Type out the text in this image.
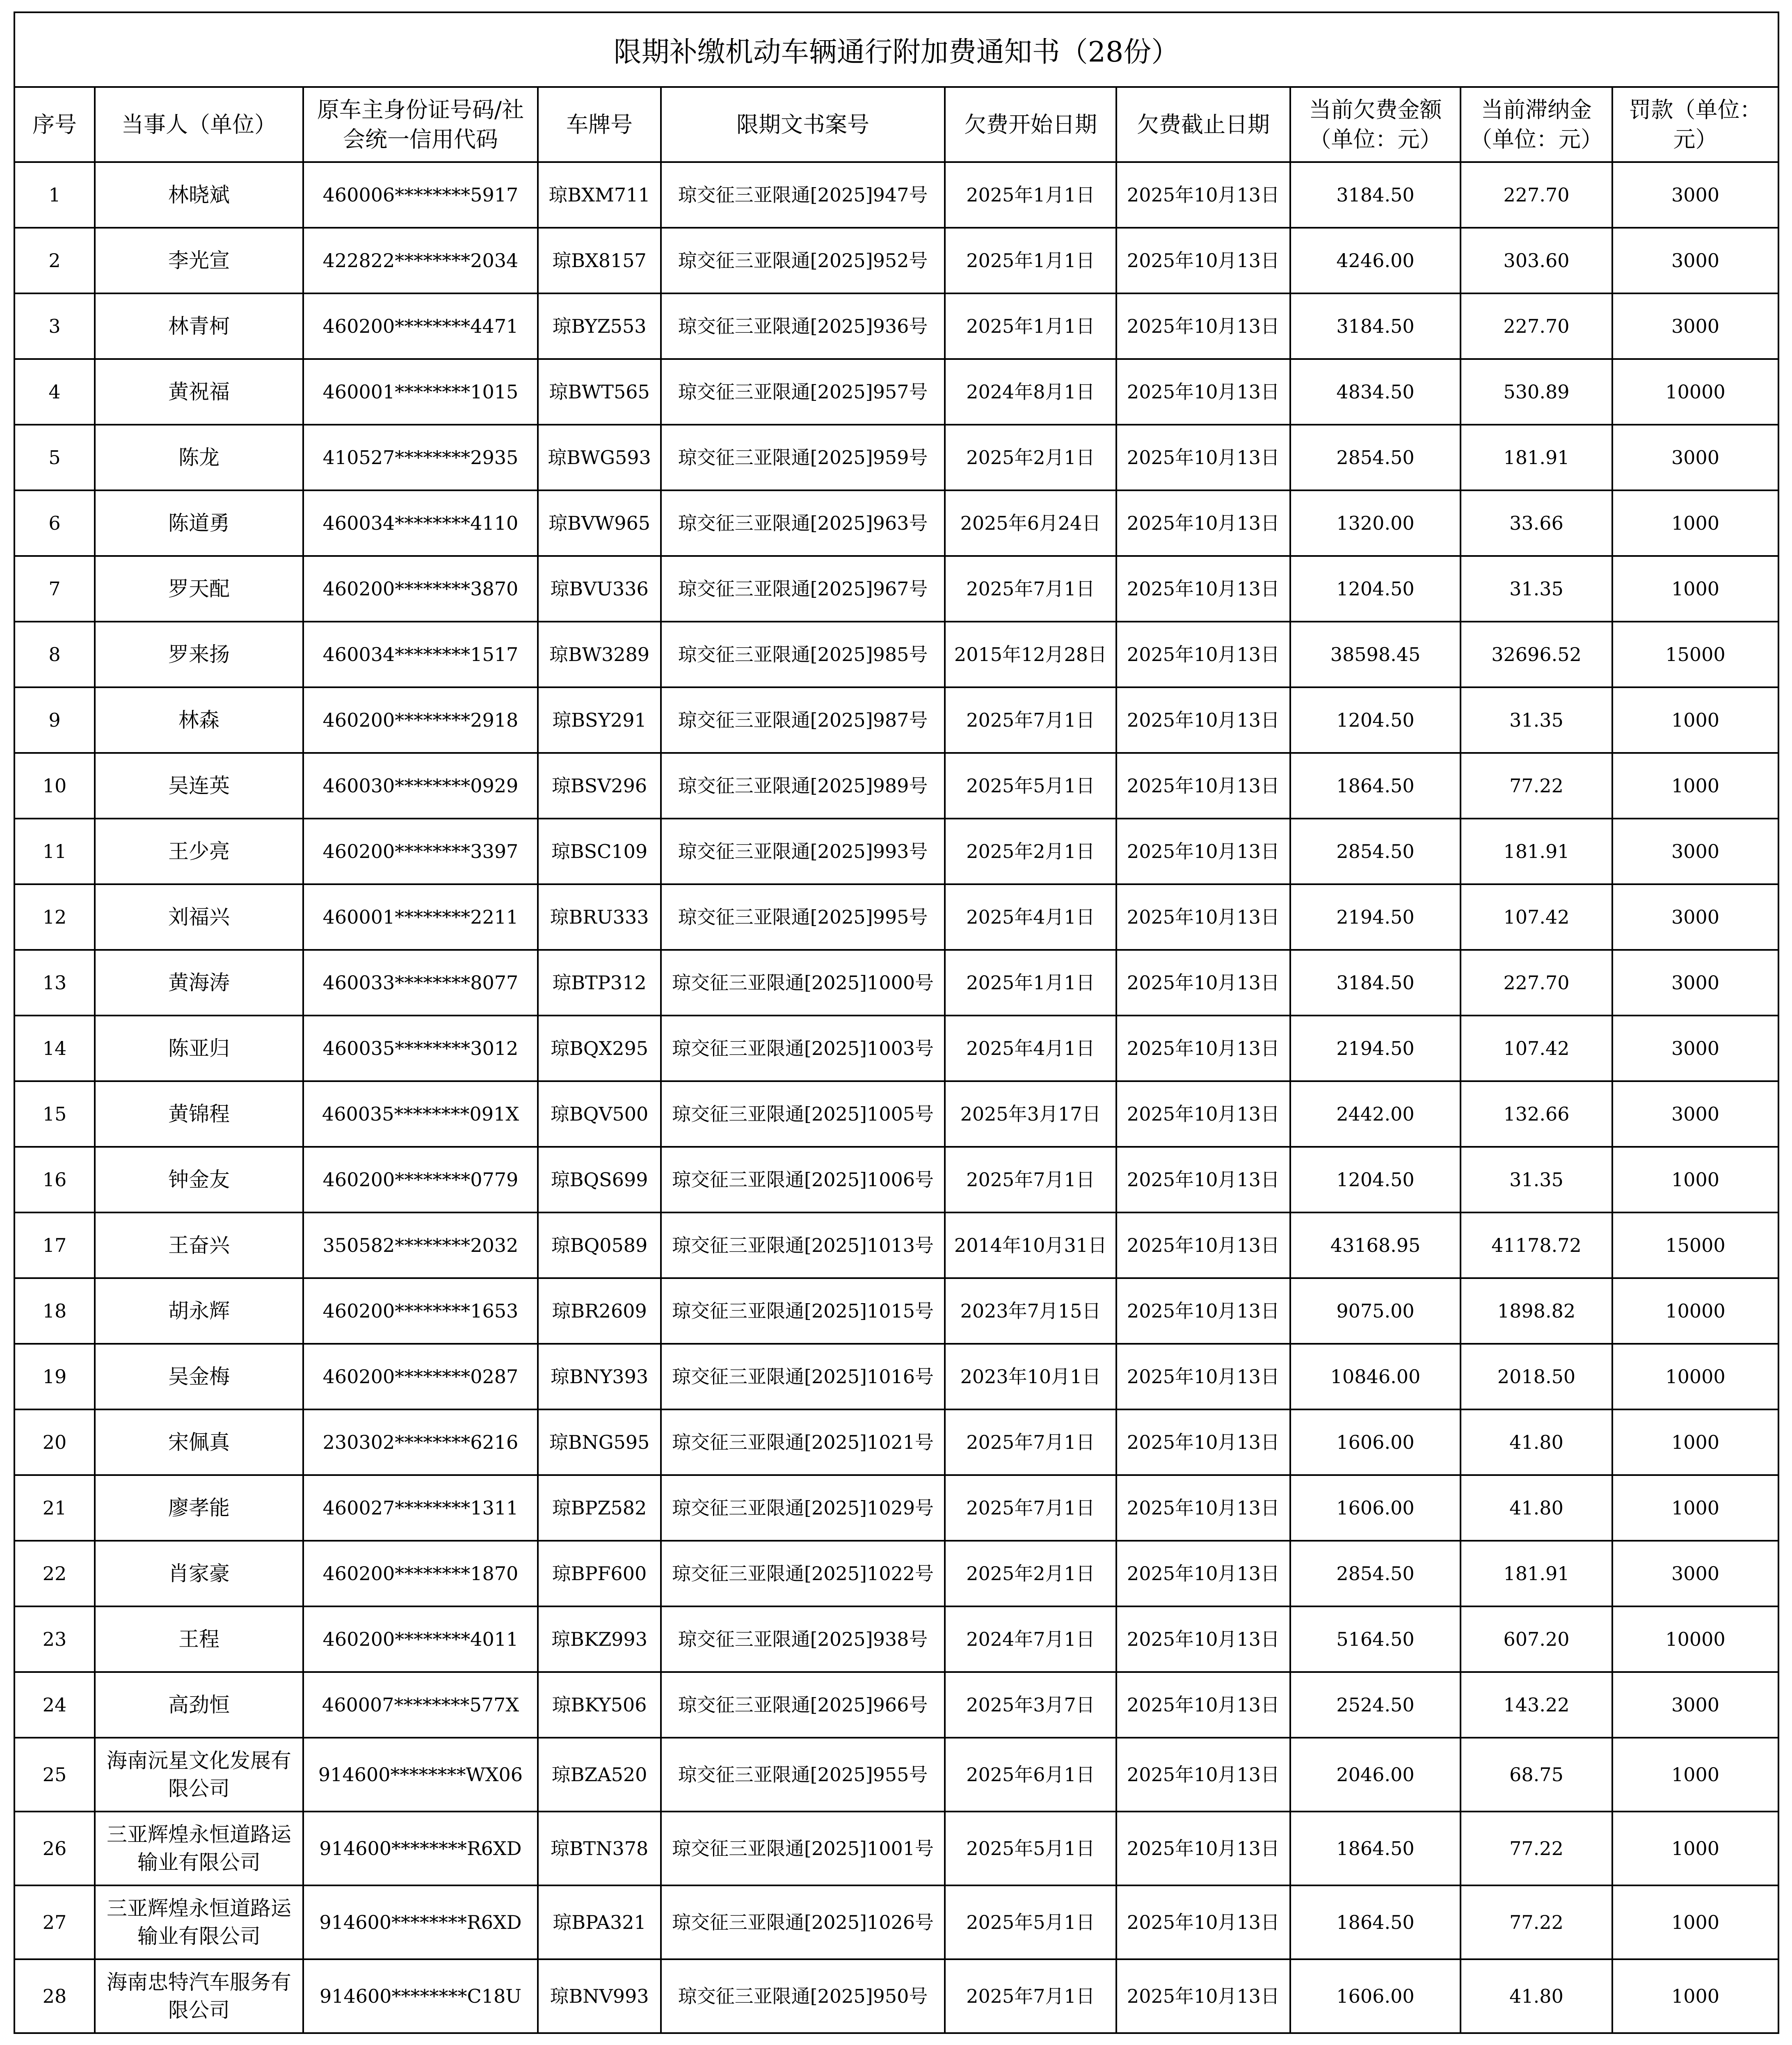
限期补缴机动车辆通行附加费通知书（28份）									
序号	当事人（单位）	原车主身份证号码/社会统一信用代码	车牌号	限期文书案号	欠费开始日期	欠费截止日期	当前欠费金额（单位：元）	当前滞纳金（单位：元）	罚款（单位：元）
1	林晓斌	460006********5917	琼BXM711	琼交征三亚限通[2025]947号	2025年1月1日	2025年10月13日	3184.50	227.70	3000
2	李光宣	422822********2034	琼BX8157	琼交征三亚限通[2025]952号	2025年1月1日	2025年10月13日	4246.00	303.60	3000
3	林青柯	460200********4471	琼BYZ553	琼交征三亚限通[2025]936号	2025年1月1日	2025年10月13日	3184.50	227.70	3000
4	黄祝福	460001********1015	琼BWT565	琼交征三亚限通[2025]957号	2024年8月1日	2025年10月13日	4834.50	530.89	10000
5	陈龙	410527********2935	琼BWG593	琼交征三亚限通[2025]959号	2025年2月1日	2025年10月13日	2854.50	181.91	3000
6	陈道勇	460034********4110	琼BVW965	琼交征三亚限通[2025]963号	2025年6月24日	2025年10月13日	1320.00	33.66	1000
7	罗天配	460200********3870	琼BVU336	琼交征三亚限通[2025]967号	2025年7月1日	2025年10月13日	1204.50	31.35	1000
8	罗来扬	460034********1517	琼BW3289	琼交征三亚限通[2025]985号	2015年12月28日	2025年10月13日	38598.45	32696.52	15000
9	林森	460200********2918	琼BSY291	琼交征三亚限通[2025]987号	2025年7月1日	2025年10月13日	1204.50	31.35	1000
10	吴连英	460030********0929	琼BSV296	琼交征三亚限通[2025]989号	2025年5月1日	2025年10月13日	1864.50	77.22	1000
11	王少亮	460200********3397	琼BSC109	琼交征三亚限通[2025]993号	2025年2月1日	2025年10月13日	2854.50	181.91	3000
12	刘福兴	460001********2211	琼BRU333	琼交征三亚限通[2025]995号	2025年4月1日	2025年10月13日	2194.50	107.42	3000
13	黄海涛	460033********8077	琼BTP312	琼交征三亚限通[2025]1000号	2025年1月1日	2025年10月13日	3184.50	227.70	3000
14	陈亚归	460035********3012	琼BQX295	琼交征三亚限通[2025]1003号	2025年4月1日	2025年10月13日	2194.50	107.42	3000
15	黄锦程	460035********091X	琼BQV500	琼交征三亚限通[2025]1005号	2025年3月17日	2025年10月13日	2442.00	132.66	3000
16	钟金友	460200********0779	琼BQS699	琼交征三亚限通[2025]1006号	2025年7月1日	2025年10月13日	1204.50	31.35	1000
17	王奋兴	350582********2032	琼BQ0589	琼交征三亚限通[2025]1013号	2014年10月31日	2025年10月13日	43168.95	41178.72	15000
18	胡永辉	460200********1653	琼BR2609	琼交征三亚限通[2025]1015号	2023年7月15日	2025年10月13日	9075.00	1898.82	10000
19	吴金梅	460200********0287	琼BNY393	琼交征三亚限通[2025]1016号	2023年10月1日	2025年10月13日	10846.00	2018.50	10000
20	宋佩真	230302********6216	琼BNG595	琼交征三亚限通[2025]1021号	2025年7月1日	2025年10月13日	1606.00	41.80	1000
21	廖孝能	460027********1311	琼BPZ582	琼交征三亚限通[2025]1029号	2025年7月1日	2025年10月13日	1606.00	41.80	1000
22	肖家豪	460200********1870	琼BPF600	琼交征三亚限通[2025]1022号	2025年2月1日	2025年10月13日	2854.50	181.91	3000
23	王程	460200********4011	琼BKZ993	琼交征三亚限通[2025]938号	2024年7月1日	2025年10月13日	5164.50	607.20	10000
24	高劲恒	460007********577X	琼BKY506	琼交征三亚限通[2025]966号	2025年3月7日	2025年10月13日	2524.50	143.22	3000
25	海南沅星文化发展有限公司	914600********WX06	琼BZA520	琼交征三亚限通[2025]955号	2025年6月1日	2025年10月13日	2046.00	68.75	1000
26	三亚辉煌永恒道路运输业有限公司	914600********R6XD	琼BTN378	琼交征三亚限通[2025]1001号	2025年5月1日	2025年10月13日	1864.50	77.22	1000
27	三亚辉煌永恒道路运输业有限公司	914600********R6XD	琼BPA321	琼交征三亚限通[2025]1026号	2025年5月1日	2025年10月13日	1864.50	77.22	1000
28	海南忠特汽车服务有限公司	914600********C18U	琼BNV993	琼交征三亚限通[2025]950号	2025年7月1日	2025年10月13日	1606.00	41.80	1000
